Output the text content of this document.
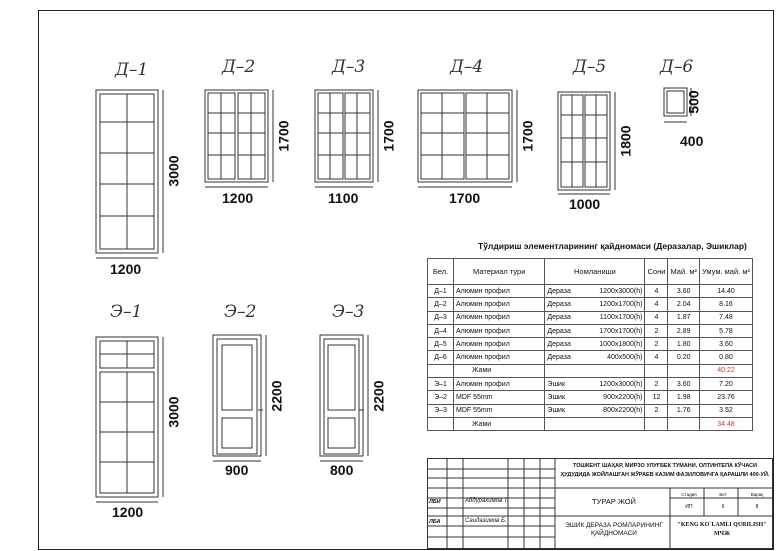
Д–1	Д–2	Д–3	Д–4	Д–5	Д–6
Э–1	Э–2	Э–3
1200
1200	1100	1700	1000
400
1200
900	800
3000
1700	1700	1700	1800
500
3000
2200	2200
Тўлдириш элементларининг қайдномаси (Деразалар, Эшиклар)
Бел.	Материал тури	Номланиши	Сони	Май. м²	Умум. май. м²
Д–1	Алюмин профил	Дераза 1200x3000(h)	4	3.60	14.40
Д–2	Алюмин профил	Дераза 1200x1700(h)	4	2.04	8.16
Д–3	Алюмин профил	Дераза 1100x1700(h)	4	1.87	7.48
Д–4	Алюмин профил	Дераза 1700x1700(h)	2	2.89	5.78
Д–5	Алюмин профил	Дераза 1000x1800(h)	2	1.80	3.60
Д–6	Алюмин профил	Дераза 400x500(h)	4	0.20	0.80
	Жами				40.22
Э–1	Алюмин профил	Эшик 1200x3000(h)	2	3.60	7.20
Э–2	MDF 55mm	Эшик 900x2200(h)	12	1.98	23.76
Э–3	MDF 55mm	Эшик 800x2200(h)	2	1.76	3.52
	Жами				34.48
ТОШКЕНТ ШАҲАР, МИРЗО УЛУҒБЕК ТУМАНИ, ОЛТИНТЕПА КЎЧАСИ
ҲУДУДИДА ЖОЙЛАШГАН ЖЎРАЕВ КАЗИМ ФАЗИЛОВИЧГА ҚАРАШЛИ 400-УЙ.
ТУРАР ЖОЙ
Стадия	Бет	Варақ
ИП	6	8
ЛБИ	Абдурахимов Т.
ЛБА	Саидазимов Б.
ЭШИК ДЕРАЗА РОМЛАРИНИНГ
ҚАЙДНОМАСИ
"KENG KO`LAMLI QURILISH"
МЧЖ
